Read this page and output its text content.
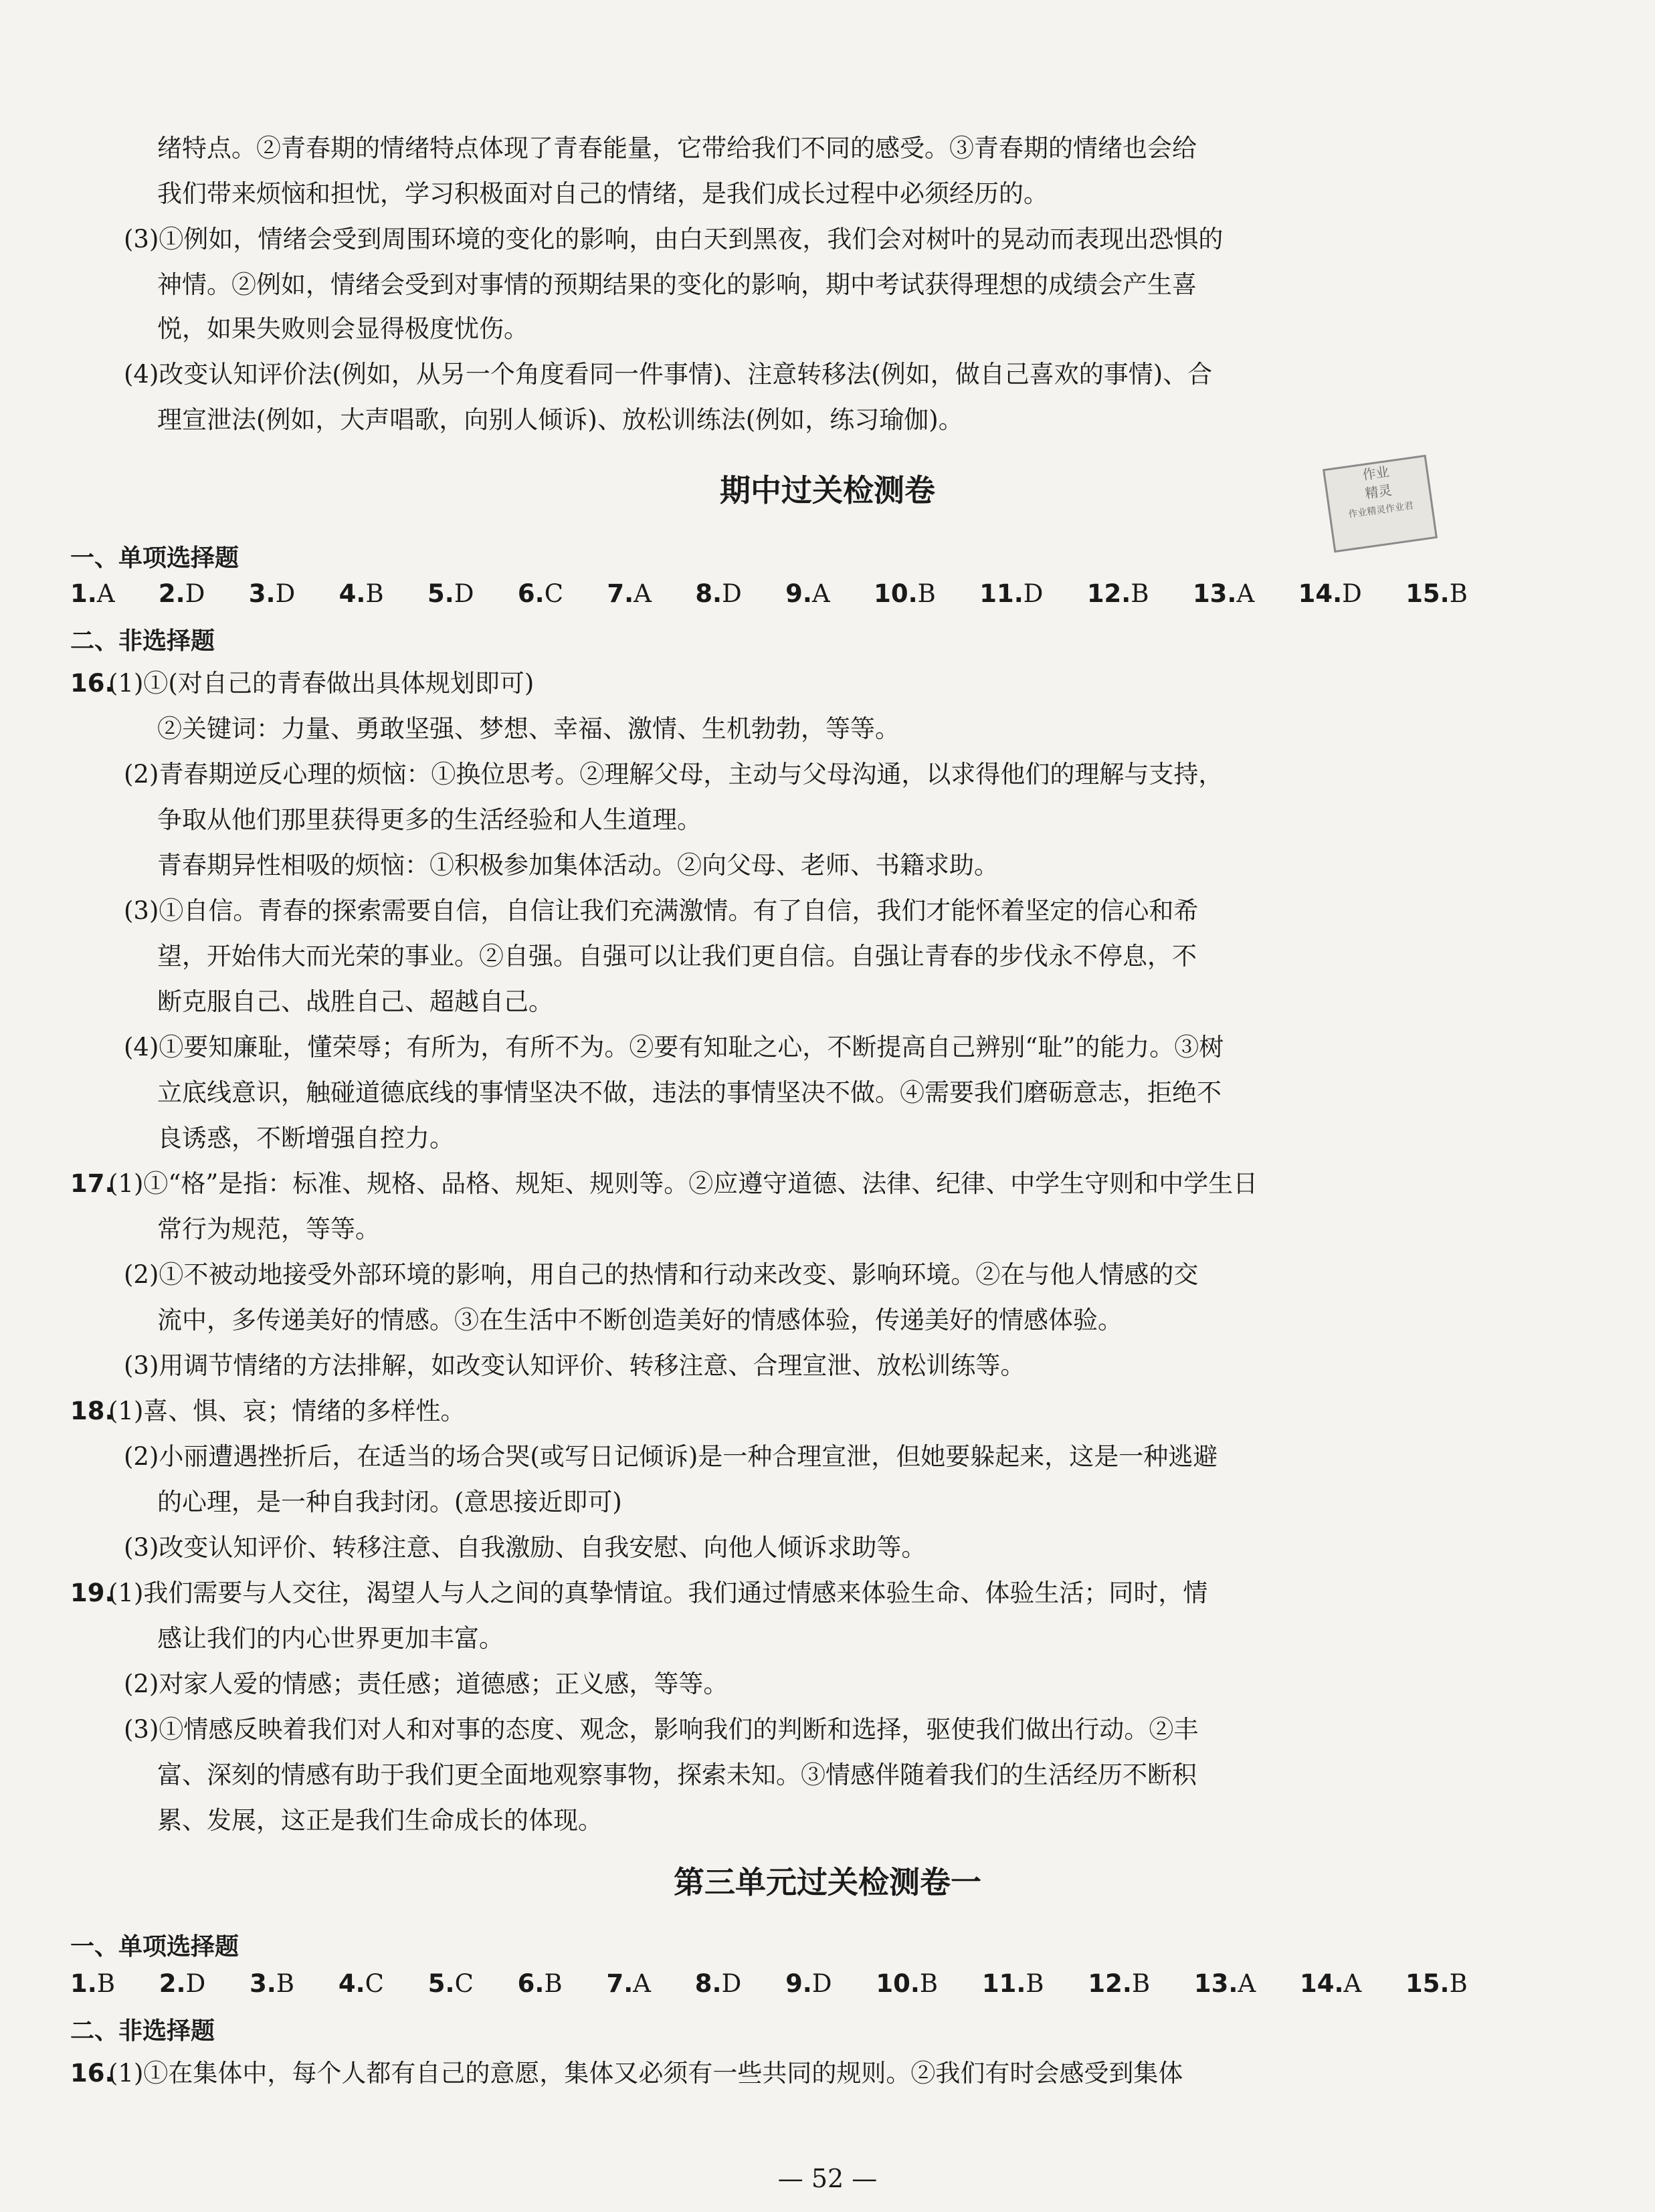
绪特点。②青春期的情绪特点体现了青春能量，它带给我们不同的感受。③青春期的情绪也会给
我们带来烦恼和担忧，学习积极面对自己的情绪，是我们成长过程中必须经历的。
(3)①例如，情绪会受到周围环境的变化的影响，由白天到黑夜，我们会对树叶的晃动而表现出恐惧的
神情。②例如，情绪会受到对事情的预期结果的变化的影响，期中考试获得理想的成绩会产生喜
悦，如果失败则会显得极度忧伤。
(4)改变认知评价法(例如，从另一个角度看同一件事情)、注意转移法(例如，做自己喜欢的事情)、合
理宣泄法(例如，大声唱歌，向别人倾诉)、放松训练法(例如，练习瑜伽)。
期中过关检测卷	作业
精灵
作业精灵作业君
一、单项选择题
1.A 2.D 3.D 4.B 5.D 6.C 7.A 8.D 9.A 10.B 11.D 12.B 13.A 14.D 15.B
二、非选择题
16.
(1)①(对自己的青春做出具体规划即可)
②关键词：力量、勇敢坚强、梦想、幸福、激情、生机勃勃，等等。
(2)青春期逆反心理的烦恼：①换位思考。②理解父母，主动与父母沟通，以求得他们的理解与支持，
争取从他们那里获得更多的生活经验和人生道理。
青春期异性相吸的烦恼：①积极参加集体活动。②向父母、老师、书籍求助。
(3)①自信。青春的探索需要自信，自信让我们充满激情。有了自信，我们才能怀着坚定的信心和希
望，开始伟大而光荣的事业。②自强。自强可以让我们更自信。自强让青春的步伐永不停息，不
断克服自己、战胜自己、超越自己。
(4)①要知廉耻，懂荣辱；有所为，有所不为。②要有知耻之心，不断提高自己辨别“耻”的能力。③树
立底线意识，触碰道德底线的事情坚决不做，违法的事情坚决不做。④需要我们磨砺意志，拒绝不
良诱惑，不断增强自控力。
17.
(1)①“格”是指：标准、规格、品格、规矩、规则等。②应遵守道德、法律、纪律、中学生守则和中学生日
常行为规范，等等。
(2)①不被动地接受外部环境的影响，用自己的热情和行动来改变、影响环境。②在与他人情感的交
流中，多传递美好的情感。③在生活中不断创造美好的情感体验，传递美好的情感体验。
(3)用调节情绪的方法排解，如改变认知评价、转移注意、合理宣泄、放松训练等。
18.
(1)喜、惧、哀；情绪的多样性。
(2)小丽遭遇挫折后，在适当的场合哭(或写日记倾诉)是一种合理宣泄，但她要躲起来，这是一种逃避
的心理，是一种自我封闭。(意思接近即可)
(3)改变认知评价、转移注意、自我激励、自我安慰、向他人倾诉求助等。
19.
(1)我们需要与人交往，渴望人与人之间的真挚情谊。我们通过情感来体验生命、体验生活；同时，情
感让我们的内心世界更加丰富。
(2)对家人爱的情感；责任感；道德感；正义感，等等。
(3)①情感反映着我们对人和对事的态度、观念，影响我们的判断和选择，驱使我们做出行动。②丰
富、深刻的情感有助于我们更全面地观察事物，探索未知。③情感伴随着我们的生活经历不断积
累、发展，这正是我们生命成长的体现。
第三单元过关检测卷一
一、单项选择题
1.B 2.D 3.B 4.C 5.C 6.B 7.A 8.D 9.D 10.B 11.B 12.B 13.A 14.A 15.B
二、非选择题
16.
(1)①在集体中，每个人都有自己的意愿，集体又必须有一些共同的规则。②我们有时会感受到集体
— 52 —
